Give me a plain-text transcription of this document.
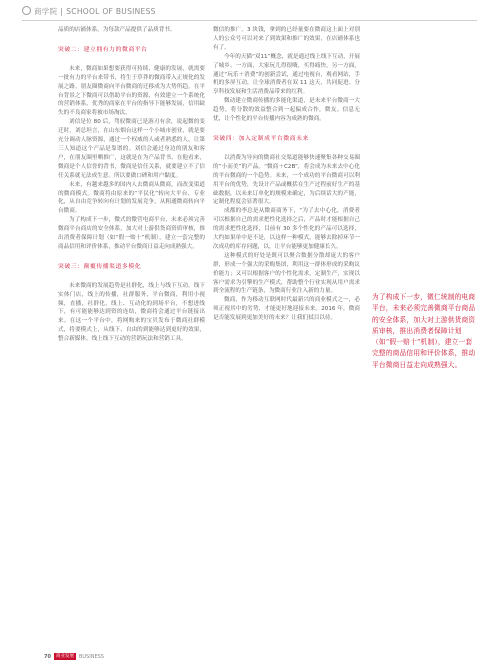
商学院 | SCHOOL OF BUSINESS

品质的店铺体系，为每款产品提供了品质背书。

突破二：建立拥有力的微商平台

未来，微商如果想要获得可持续、健康的发展，就需要一批有力的平台来带书，将生于草莽的微商带入正规化的发展之路。朋友圈微商向平台微商的迁移成为大势所趋。在平台背景之下微商可以借助平台的资源，有效建立一个系统化的营销体系，优秀的商家在平台的指导下能够发展，信用缺失的不良商家将被市场淘汰。

刘信是位 80 后，驾驭微商已是游刃有余，说起微的变迁时，刘总坦言，在山东烟台这样一个小城市创业，就是要充分调动人脉资源，通过一个权威的人或者熟悉的人，让第三人知道这个产品是靠谱的。刘信会通过身边的朋友和客户，在朋友圈里晒推广，这就是在为产品背书。在他看来，微商是个人信誉的背书，微商是信任关系，就要建立不了信任关系就无法成生意。所以要做口碑和用户黏度。

未来，有越来越多的国内人去微商从微商，而改变渠道的微商模式。微商将由原来的“平民化”转向大平台、专业化，从自由竞争转向有计划的发展竞争，从粗通微商转向平台微商。

为了构成下一步，微式的微营电商平台，未来必须完善微商平台商店的安全体系，加大对上游供货商资质审核，推出消费者保障计划（如“假一赔十”机制），建立一套完整的商品信用和评价体系，推动平台微商日益走向成熟强大。

突破三：颠覆传播渠道多模化

未来微商的发展趋势是社群化，线上与线下互动。线下实体门店，线上的传播，社群服务，平台微商，利用小视频，直播，社群化，线上、互动化的到场平台，不想进线下，有可能能够达到资的连结，微商将会通过平台链接出来。在这一个平台中，将网购来的宝贝发布于微商社群模式，将要模式上，从线下、自由的到能够达到更好的效果，整合新媒体，线上线下互动的营销玩法和营销工具。

微信的推广。3 块钱，拿到的已经量要在微商这上面上对别人的公众号可以对来了到效果和推广的效果，在店铺体系也有了。

今年的天猫“双11”概念，就是通过线上线下互动，开展了城乡、一方面，大家玩儿得很嗨，买得痛快，另一方面，通过“玩乐＋消费”的创新尝试，通过电视台，观看网站，手机的多屏互动，让全球消费者在双 11 这天，共同促进、分享科技发展和生活消费品带来的红利。

微动建立微商传播的多能化渠道，是未来平台微商一大趋势。将分散的效益整合到一起偏成合作，微友。信息无忧，让个性化的平台传播内容为成熟的微商。

突破四：加入定制成平台微商未来

以消费为导向的微商社交渠道能够快速聚集各种交易圈的“小而美”的产品。“微商＋C2B”，将会成为未来去中心化的平台微商的一个趋势。未来，一个成功的平台微商可以利用平台的优势，先设计产品或概括在生产过程前好生产的基础数据，以未来订单化的规模来确定，为后续话大的产能，定制化程度会显著很大。

成都的李总是从微商商务下，“为了去中心化，消费者可以根据自己的需求把性化选择之后，产品时才能根据自己的需求把性化选择，目前有 30 多个性化的产品可以选择，大约如果单中是不是，以这样一种模式，能够去除掉环节一次成功的库存问题，以，让平台能够更加健康长久。

这种模式的好处是既可以聚合数据分散却庞大的客户群，形成一个强大的采购集团，利用这一群体形成的采购议价能力；又可以根据客户的个性化需求，定制生产，实现以客户需求为引擎的生产模式，帮助整个行业实现从用户需求到全流程的生产链条，为微商行业注入新的力量。

微商，作为移动互联网时代最新兴的商业模式之一，必须正视其中的劣势，才能更好地迎接未来。2016 年，微商是否能发展到更加美好的未来？让我们拭目以待。

为了构成下一步，微仁统制的电商平台，未来必须完善微商平台商品的安全体系，加大对上游供货商资质审核，推出消费者保障计划（如“假一赔十”机制），建立一套完整的商品信用和评价体系，推动平台微商日益走向成熟强大。
70	商业发展	BUSINESS
